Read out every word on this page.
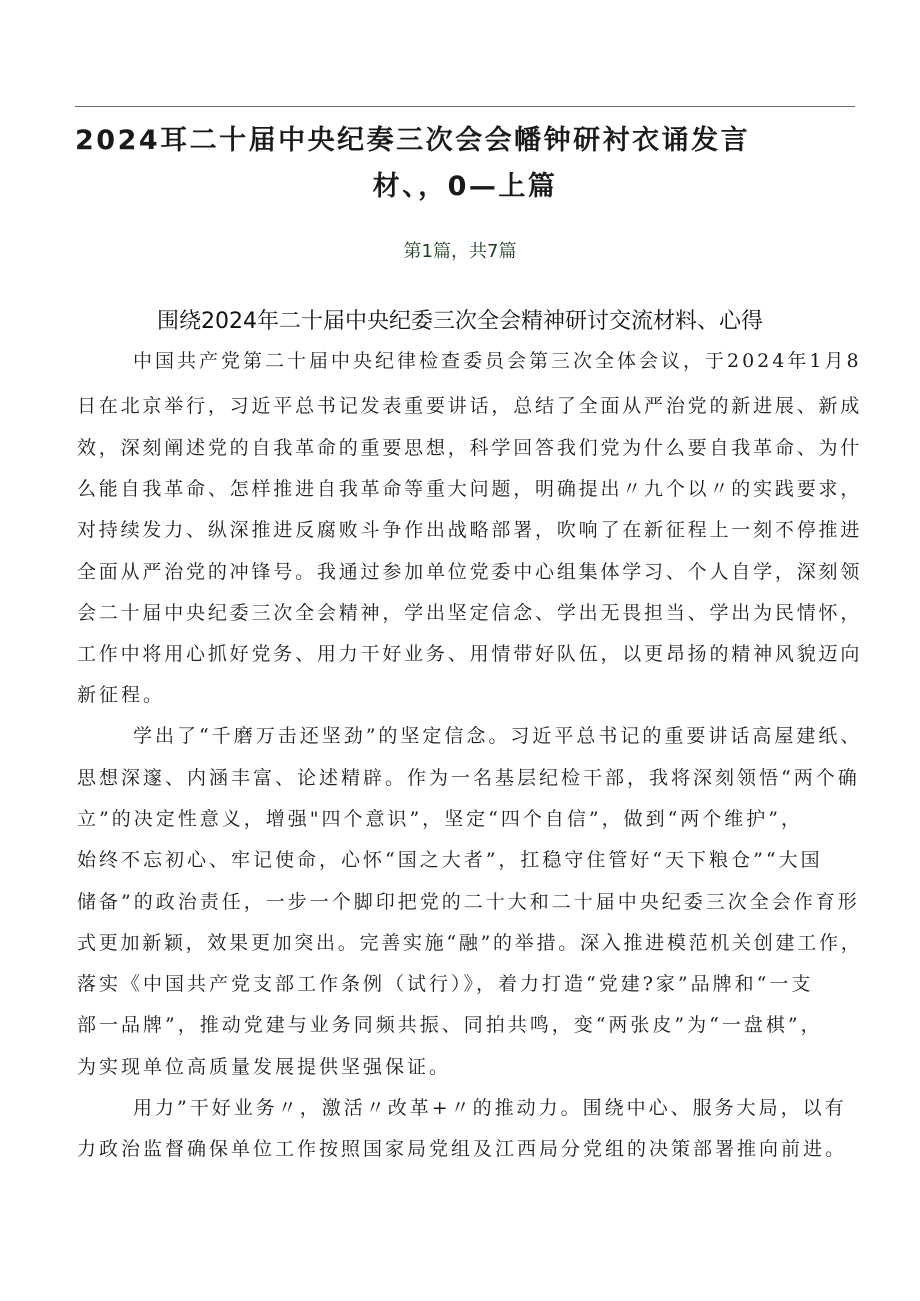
2024耳二十届中央纪奏三次会会幡钟研衬衣诵发言
材、，0—上篇
第1篇，共7篇
围绕2024年二十届中央纪委三次全会精神研讨交流材料、心得
中国共产党第二十届中央纪律检查委员会第三次全体会议，于2024年1月8
日在北京举行，习近平总书记发表重要讲话，总结了全面从严治党的新进展、新成
效，深刻阐述党的自我革命的重要思想，科学回答我们党为什么要自我革命、为什
么能自我革命、怎样推进自我革命等重大问题，明确提出〃九个以〃的实践要求，
对持续发力、纵深推进反腐败斗争作出战略部署，吹响了在新征程上一刻不停推进
全面从严治党的冲锋号。我通过参加单位党委中心组集体学习、个人自学，深刻领
会二十届中央纪委三次全会精神，学出坚定信念、学出无畏担当、学出为民情怀，
工作中将用心抓好党务、用力干好业务、用情带好队伍，以更昂扬的精神风貌迈向
新征程。
学出了“千磨万击还坚劲”的坚定信念。习近平总书记的重要讲话高屋建纸、
思想深邃、内涵丰富、论述精辟。作为一名基层纪检干部，我将深刻领悟“两个确
立”的决定性意义，增强"四个意识”，坚定“四个自信”，做到“两个维护”，
始终不忘初心、牢记使命，心怀“国之大者”，扛稳守住管好“天下粮仓”“大国
储备”的政治责任，一步一个脚印把党的二十大和二十届中央纪委三次全会作育形
式更加新颖，效果更加突出。完善实施“融”的举措。深入推进模范机关创建工作，
落实《中国共产党支部工作条例（试行）》，着力打造“党建?家”品牌和“一支
部一品牌”，推动党建与业务同频共振、同拍共鸣，变“两张皮”为“一盘棋”，
为实现单位高质量发展提供坚强保证。
用力”干好业务〃，激活〃改革+〃的推动力。围绕中心、服务大局，以有
力政治监督确保单位工作按照国家局党组及江西局分党组的决策部署推向前进。
